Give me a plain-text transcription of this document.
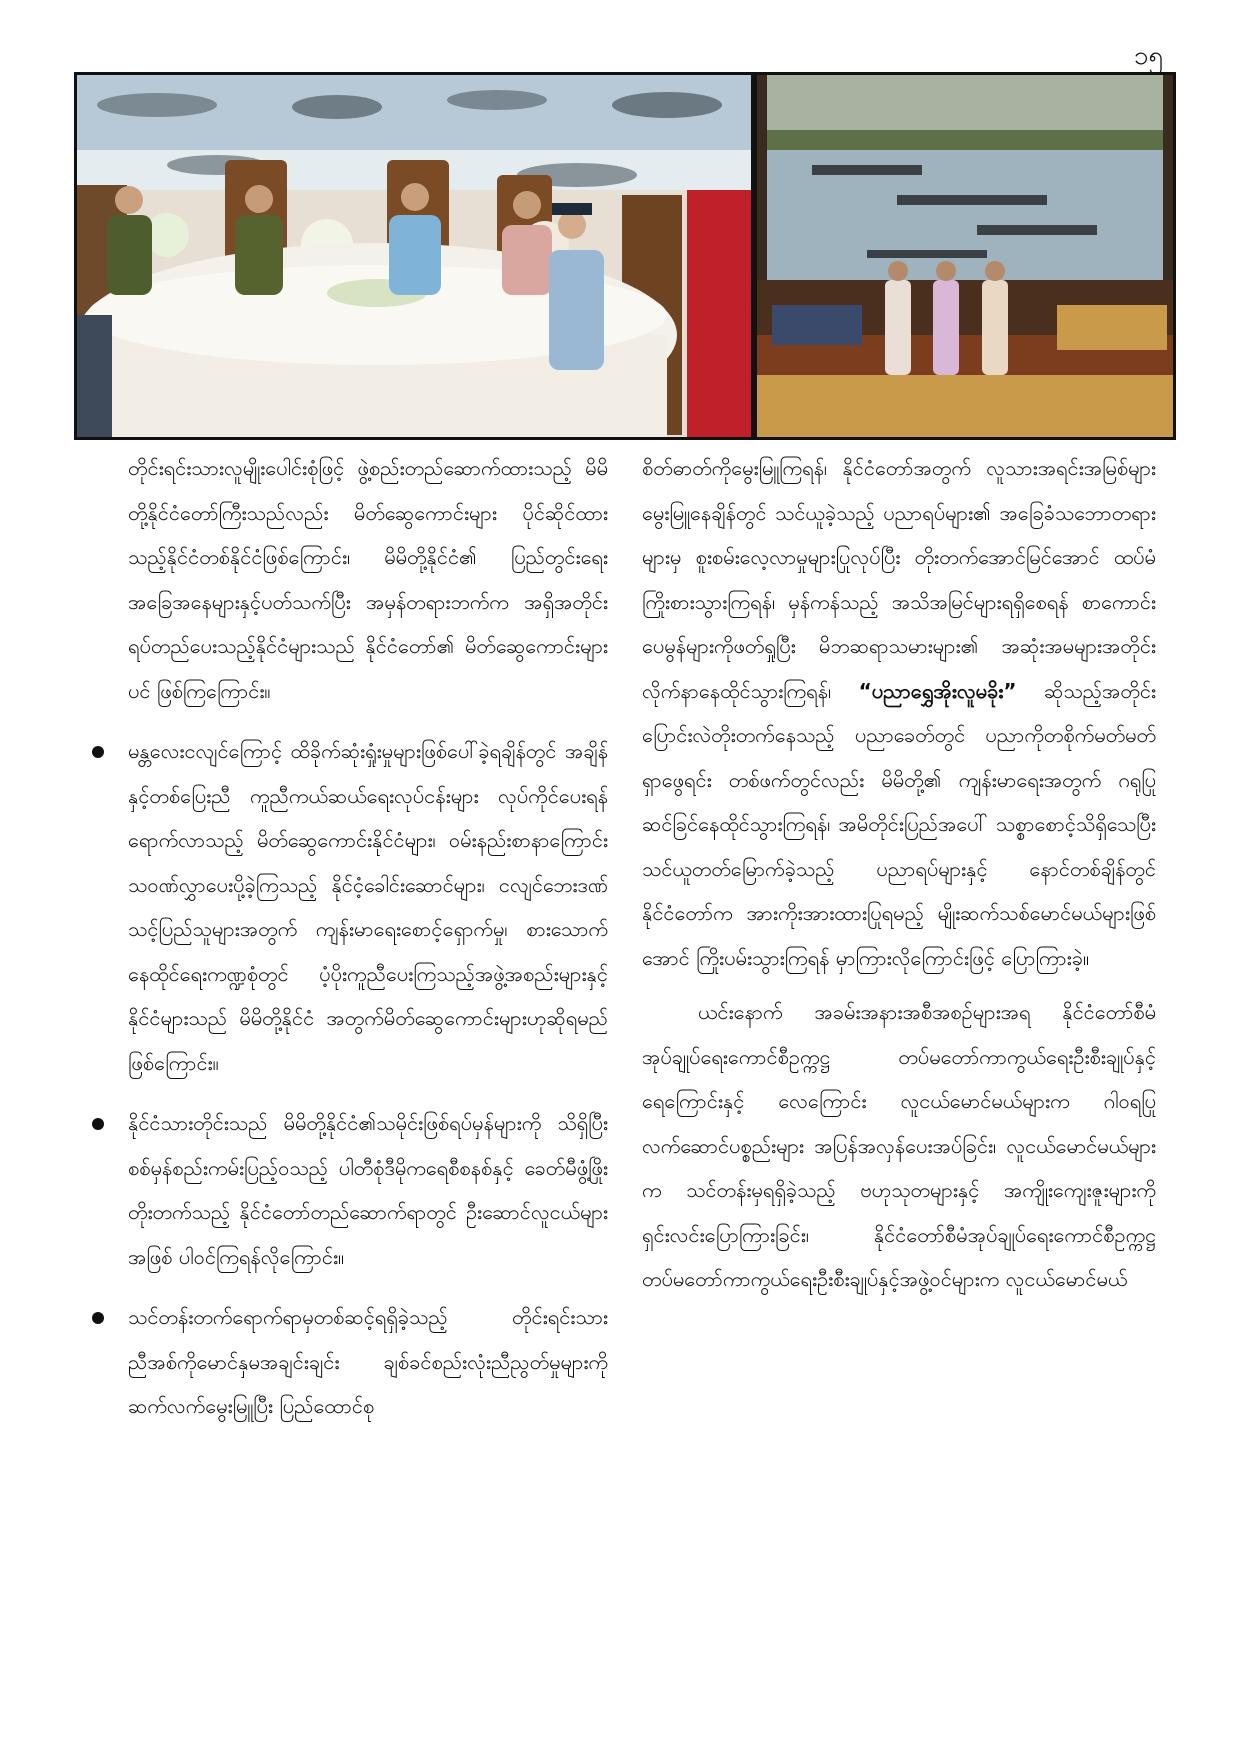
၁၅

တိုင်းရင်းသားလူမျိုးပေါင်းစုံဖြင့် ဖွဲ့စည်းတည်ဆောက်ထားသည့် မိမိတို့နိုင်ငံတော်ကြီးသည်လည်း မိတ်ဆွေကောင်းများ ပိုင်ဆိုင်ထားသည့်နိုင်ငံတစ်နိုင်ငံဖြစ်ကြောင်း၊ မိမိတို့နိုင်ငံ၏ ပြည်တွင်းရေးအခြေအနေများနှင့်ပတ်သက်ပြီး အမှန်တရားဘက်က အရှိအတိုင်း ရပ်တည်ပေးသည့်နိုင်ငံများသည် နိုင်ငံတော်၏ မိတ်ဆွေကောင်းများပင် ဖြစ်ကြကြောင်း။

မန္တလေးငလျင်ကြောင့် ထိခိုက်ဆုံးရှုံးမှုများဖြစ်ပေါ်ခဲ့ရချိန်တွင် အချိန်နှင့်တစ်ပြေးညီ ကူညီကယ်ဆယ်ရေးလုပ်ငန်းများ လုပ်ကိုင်ပေးရန်ရောက်လာသည့် မိတ်ဆွေကောင်းနိုင်ငံများ၊ ဝမ်းနည်းစာနာကြောင်း သဝဏ်လွှာပေးပို့ခဲ့ကြသည့် နိုင်ငံ့ခေါင်းဆောင်များ၊ ငလျင်ဘေးဒဏ်သင့်ပြည်သူများအတွက် ကျန်းမာရေးစောင့်ရှောက်မှု၊ စားသောက်နေထိုင်ရေးကဏ္ဍစုံတွင် ပံ့ပိုးကူညီပေးကြသည့်အဖွဲ့အစည်းများနှင့် နိုင်ငံများသည် မိမိတို့နိုင်ငံ အတွက်မိတ်ဆွေကောင်းများဟုဆိုရမည်ဖြစ်ကြောင်း။

နိုင်ငံသားတိုင်းသည် မိမိတို့နိုင်ငံ၏သမိုင်းဖြစ်ရပ်မှန်များကို သိရှိပြီး စစ်မှန်စည်းကမ်းပြည့်ဝသည့် ပါတီစုံဒီမိုကရေစီစနစ်နှင့် ခေတ်မီဖွံ့ဖြိုးတိုးတက်သည့် နိုင်ငံတော်တည်ဆောက်ရာတွင် ဦးဆောင်လူငယ်များအဖြစ် ပါဝင်ကြရန်လိုကြောင်း။

သင်တန်းတက်ရောက်ရာမှတစ်ဆင့်ရရှိခဲ့သည့် တိုင်းရင်းသားညီအစ်ကိုမောင်နှမအချင်းချင်း ချစ်ခင်စည်းလုံးညီညွတ်မှုများကို ဆက်လက်မွေးမြူပြီး ပြည်ထောင်စု

စိတ်ဓာတ်ကိုမွေးမြူကြရန်၊ နိုင်ငံတော်အတွက် လူသားအရင်းအမြစ်များ မွေးမြူနေချိန်တွင် သင်ယူခဲ့သည့် ပညာရပ်များ၏ အခြေခံသဘောတရားများမှ စူးစမ်းလေ့လာမှုများပြုလုပ်ပြီး တိုးတက်အောင်မြင်အောင် ထပ်မံကြိုးစားသွားကြရန်၊ မှန်ကန်သည့် အသိအမြင်များရရှိစေရန် စာကောင်းပေမွန်များကိုဖတ်ရှုပြီး မိဘဆရာသမားများ၏ အဆုံးအမများအတိုင်း လိုက်နာနေထိုင်သွားကြရန်၊ “ပညာရွှေအိုးလူမခိုး” ဆိုသည့်အတိုင်း ပြောင်းလဲတိုးတက်နေသည့် ပညာခေတ်တွင် ပညာကိုတစိုက်မတ်မတ်ရှာဖွေရင်း တစ်ဖက်တွင်လည်း မိမိတို့၏ ကျန်းမာရေးအတွက် ဂရုပြုဆင်ခြင်နေထိုင်သွားကြရန်၊ အမိတိုင်းပြည်အပေါ် သစ္စာစောင့်သိရှိသေပြီး သင်ယူတတ်မြောက်ခဲ့သည့် ပညာရပ်များနှင့် နောင်တစ်ချိန်တွင် နိုင်ငံတော်က အားကိုးအားထားပြုရမည့် မျိုးဆက်သစ်မောင်မယ်များဖြစ်အောင် ကြိုးပမ်းသွားကြရန် မှာကြားလိုကြောင်းဖြင့် ပြောကြားခဲ့။

ယင်းနောက် အခမ်းအနားအစီအစဉ်များအရ နိုင်ငံတော်စီမံအုပ်ချုပ်ရေးကောင်စီဥက္ကဋ္ဌ တပ်မတော်ကာကွယ်ရေးဦးစီးချုပ်နှင့် ရေကြောင်းနှင့် လေကြောင်း လူငယ်မောင်မယ်များက ဂါဝရပြုလက်ဆောင်ပစ္စည်းများ အပြန်အလှန်ပေးအပ်ခြင်း၊ လူငယ်မောင်မယ်များက သင်တန်းမှရရှိခဲ့သည့် ဗဟုသုတများနှင့် အကျိုးကျေးဇူးများကို ရှင်းလင်းပြောကြားခြင်း၊ နိုင်ငံတော်စီမံအုပ်ချုပ်ရေးကောင်စီဥက္ကဋ္ဌ တပ်မတော်ကာကွယ်ရေးဦးစီးချုပ်နှင့်အဖွဲ့ဝင်များက လူငယ်မောင်မယ်
